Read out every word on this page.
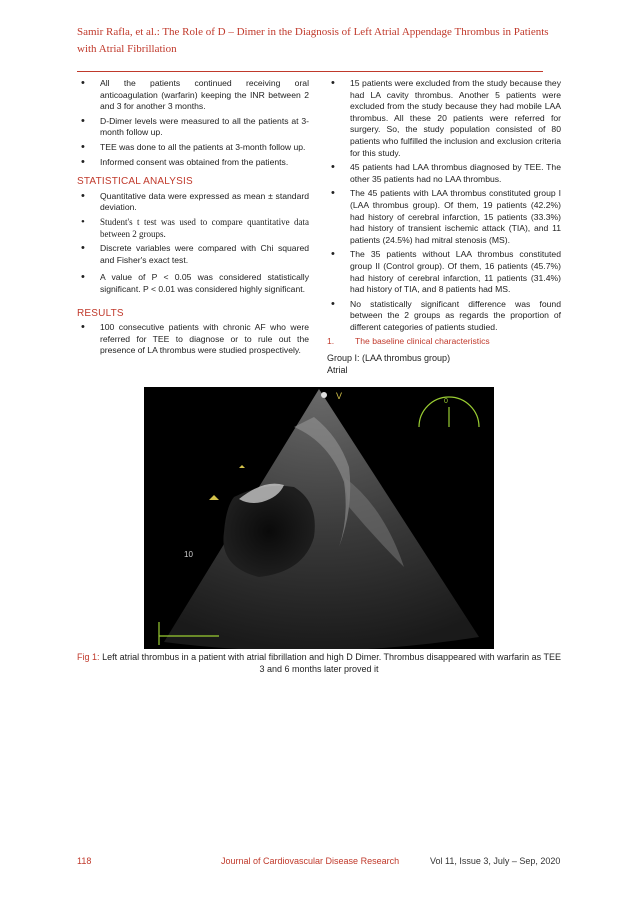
Samir Rafla, et al.: The Role of D – Dimer in the Diagnosis of Left Atrial Appendage Thrombus in Patients with Atrial Fibrillation
• All the patients continued receiving oral anticoagulation (warfarin) keeping the INR between 2 and 3 for another 3 months.
• D-Dimer levels were measured to all the patients at 3-month follow up.
• TEE was done to all the patients at 3-month follow up.
• Informed consent was obtained from the patients.
STATISTICAL ANALYSIS
• Quantitative data were expressed as mean ± standard deviation.
• Student's t test was used to compare quantitative data between 2 groups.
• Discrete variables were compared with Chi squared and Fisher's exact test.
• A value of P < 0.05 was considered statistically significant. P < 0.01 was considered highly significant.
RESULTS
• 100 consecutive patients with chronic AF who were referred for TEE to diagnose or to rule out the presence of LA thrombus were studied prospectively.
• 15 patients were excluded from the study because they had LA cavity thrombus. Another 5 patients were excluded from the study because they had mobile LAA thrombus. All these 20 patients were referred for surgery. So, the study population consisted of 80 patients who fulfilled the inclusion and exclusion criteria for this study.
• 45 patients had LAA thrombus diagnosed by TEE. The other 35 patients had no LAA thrombus.
• The 45 patients with LAA thrombus constituted group I (LAA thrombus group). Of them, 19 patients (42.2%) had history of cerebral infarction, 15 patients (33.3%) had history of transient ischemic attack (TIA), and 11 patients (24.5%) had mitral stenosis (MS).
• The 35 patients without LAA thrombus constituted group II (Control group). Of them, 16 patients (45.7%) had history of cerebral infarction, 11 patients (31.4%) had history of TIA, and 8 patients had MS.
• No statistically significant difference was found between the 2 groups as regards the proportion of different categories of patients studied.
1. The baseline clinical characteristics
Group I: (LAA thrombus group)
Atrial
V
10
0
Fig 1: Left atrial thrombus in a patient with atrial fibrillation and high D Dimer. Thrombus disappeared with warfarin as TEE 3 and 6 months later proved it
118	Journal of Cardiovascular Disease Research	Vol 11, Issue 3, July – Sep, 2020
